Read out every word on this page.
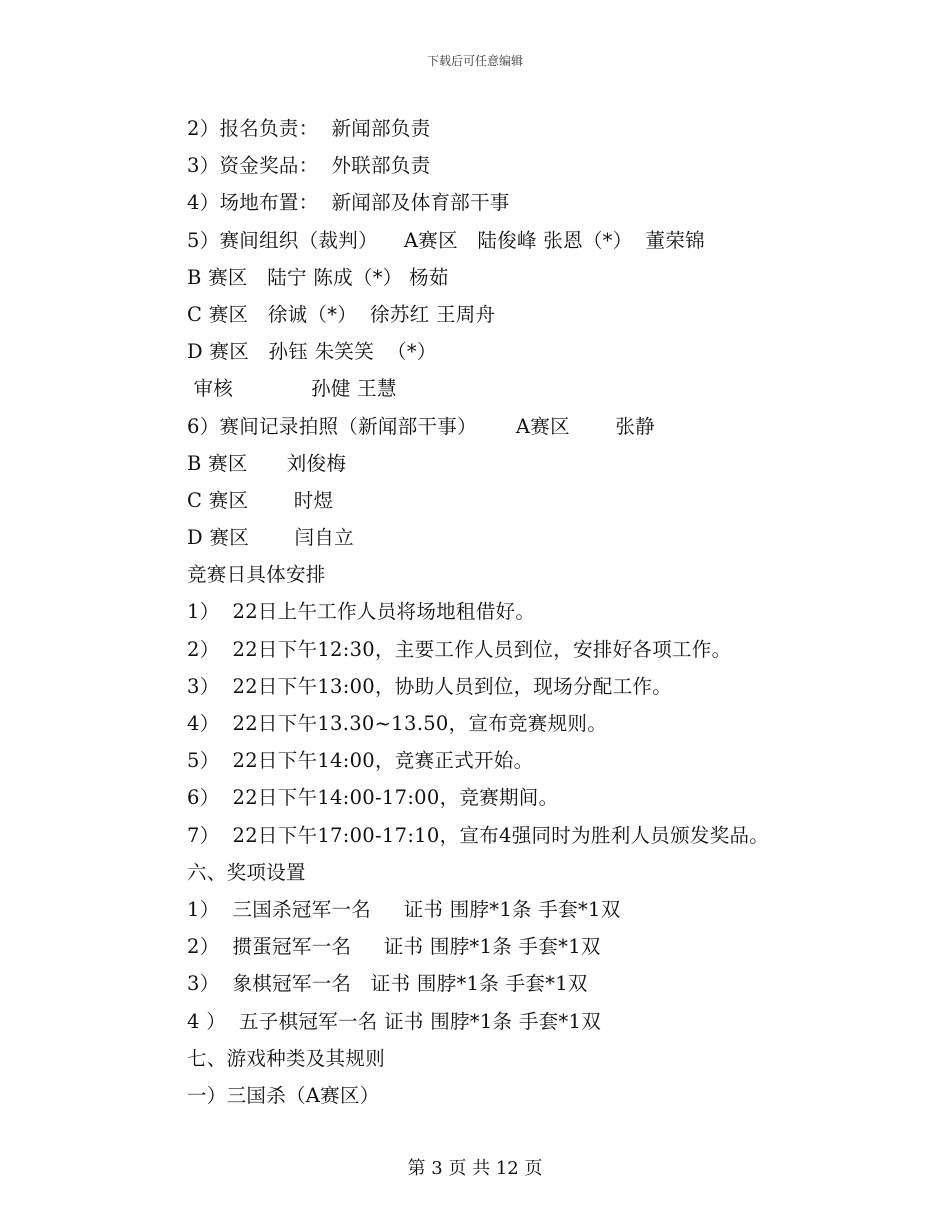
下载后可任意编辑
2）报名负责：  新闻部负责
3）资金奖品：  外联部负责
4）场地布置：  新闻部及体育部干事
5）赛间组织（裁判）    A赛区   陆俊峰 张恩（*）  董荣锦
B 赛区   陆宁 陈成（*） 杨茹
C 赛区   徐诚（*）  徐苏红 王周舟
D 赛区   孙钰 朱笑笑  （*）
审核            孙健 王慧
6）赛间记录拍照（新闻部干事）      A赛区       张静
B 赛区      刘俊梅
C 赛区       时煜
D 赛区       闫自立
竞赛日具体安排
1）  22日上午工作人员将场地租借好。
2）  22日下午12:30，主要工作人员到位，安排好各项工作。
3）  22日下午13:00，协助人员到位，现场分配工作。
4）  22日下午13.30~13.50，宣布竞赛规则。
5）  22日下午14:00，竞赛正式开始。
6）  22日下午14:00-17:00，竞赛期间。
7）  22日下午17:00-17:10，宣布4强同时为胜利人员颁发奖品。
六、奖项设置
1）  三国杀冠军一名     证书 围脖*1条 手套*1双
2）  掼蛋冠军一名     证书 围脖*1条 手套*1双
3）  象棋冠军一名   证书 围脖*1条 手套*1双
4 ）  五子棋冠军一名 证书 围脖*1条 手套*1双
七、游戏种类及其规则
一）三国杀（A赛区）
第 3 页 共 12 页
